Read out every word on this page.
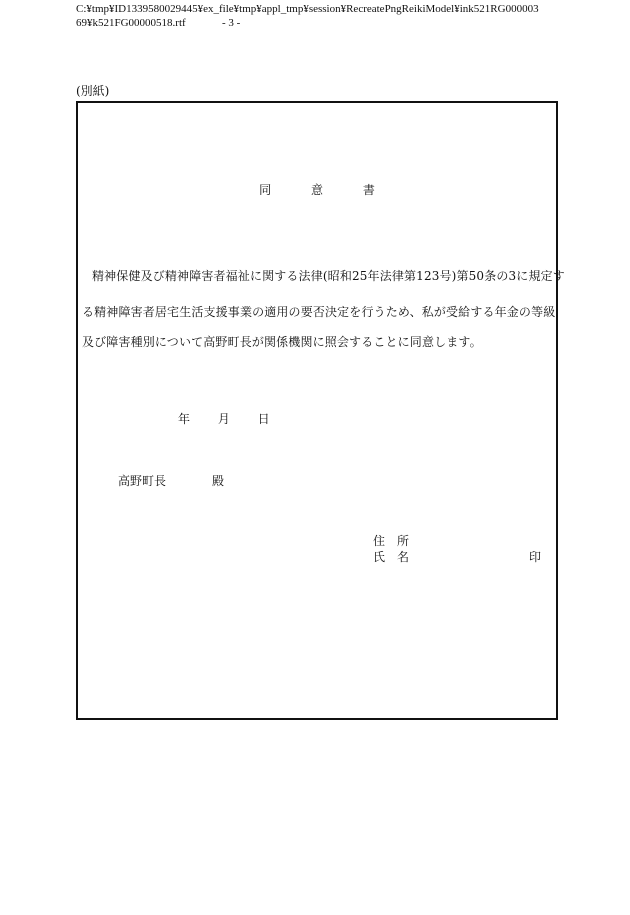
C:¥tmp¥ID1339580029445¥ex_file¥tmp¥appl_tmp¥session¥RecreatePngReikiModel¥ink521RG000003
69¥k521FG00000518.rtf	- 3 -
(別紙)
同	意	書
精神保健及び精神障害者福祉に関する法律(昭和25年法律第123号)第50条の3に規定す
る精神障害者居宅生活支援事業の適用の要否決定を行うため、私が受給する年金の等級
及び障害種別について高野町長が関係機関に照会することに同意します。
年 月 日
高野町長	殿
住　所
氏　名	印
